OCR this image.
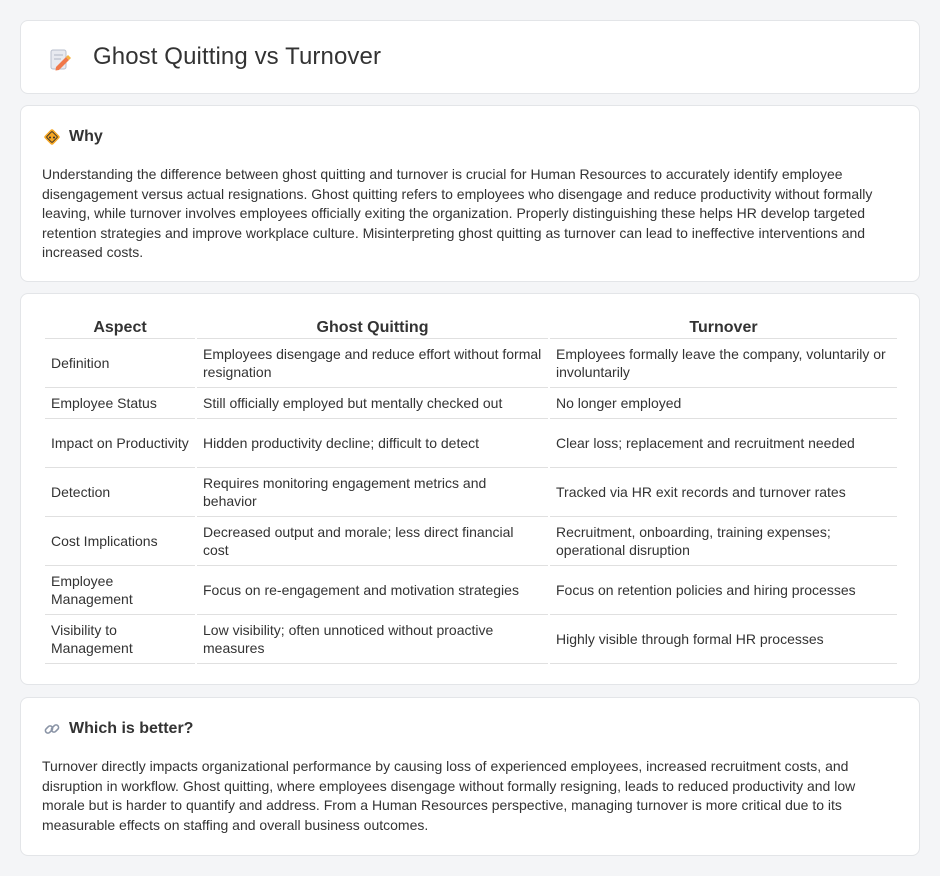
Ghost Quitting vs Turnover
Why

Understanding the difference between ghost quitting and turnover is crucial for Human Resources to accurately identify employee disengagement versus actual resignations. Ghost quitting refers to employees who disengage and reduce productivity without formally leaving, while turnover involves employees officially exiting the organization. Properly distinguishing these helps HR develop targeted retention strategies and improve workplace culture. Misinterpreting ghost quitting as turnover can lead to ineffective interventions and increased costs.

Aspect	Ghost Quitting	Turnover
Definition	Employees disengage and reduce effort without formal resignation	Employees formally leave the company, voluntarily or involuntarily
Employee Status	Still officially employed but mentally checked out	No longer employed
Impact on Productivity	Hidden productivity decline; difficult to detect	Clear loss; replacement and recruitment needed
Detection	Requires monitoring engagement metrics and behavior	Tracked via HR exit records and turnover rates
Cost Implications	Decreased output and morale; less direct financial cost	Recruitment, onboarding, training expenses; operational disruption
Employee Management	Focus on re-engagement and motivation strategies	Focus on retention policies and hiring processes
Visibility to Management	Low visibility; often unnoticed without proactive measures	Highly visible through formal HR processes
Which is better?

Turnover directly impacts organizational performance by causing loss of experienced employees, increased recruitment costs, and disruption in workflow. Ghost quitting, where employees disengage without formally resigning, leads to reduced productivity and low morale but is harder to quantify and address. From a Human Resources perspective, managing turnover is more critical due to its measurable effects on staffing and overall business outcomes.
